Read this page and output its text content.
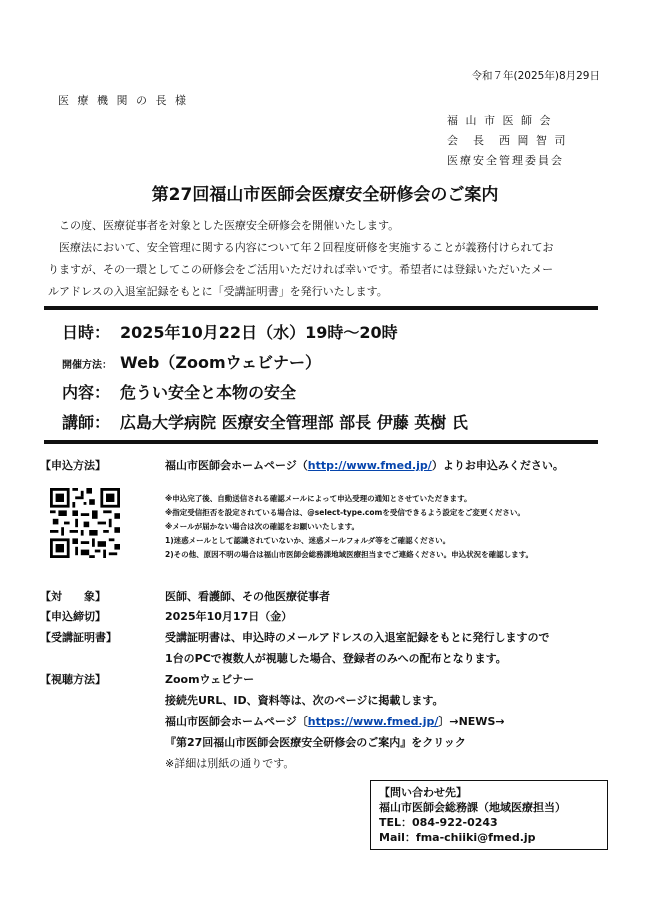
令和７年(2025年)8月29日
医 療 機 関 の 長 様
福 山 市 医 師 会
会　長　西 岡 智 司
医療安全管理委員会
第27回福山市医師会医療安全研修会のご案内

この度、医療従事者を対象とした医療安全研修会を開催いたします。

医療法において、安全管理に関する内容について年２回程度研修を実施することが義務付けられてお

りますが、その一環としてこの研修会をご活用いただければ幸いです。希望者には登録いただいたメー

ルアドレスの入退室記録をもとに「受講証明書」を発行いたします。

日時： 2025年10月22日（水）19時～20時
開催方法： Web（Zoomウェビナー）
内容： 危うい安全と本物の安全
講師： 広島大学病院 医療安全管理部 部長 伊藤 英樹 氏
【申込方法】	福山市医師会ホームページ（http://www.fmed.jp/）よりお申込みください。
※申込完了後、自動送信される確認メールによって申込受理の通知とさせていただきます。
※指定受信拒否を設定されている場合は、@select-type.comを受信できるよう設定をご変更ください。
※メールが届かない場合は次の確認をお願いいたします。
1)迷惑メールとして認識されていないか、迷惑メールフォルダ等をご確認ください。
2)その他、原因不明の場合は福山市医師会総務課地域医療担当までご連絡ください。申込状況を確認します。
【対　　象】	医師、看護師、その他医療従事者
【申込締切】	2025年10月17日（金）
【受講証明書】	受講証明書は、申込時のメールアドレスの入退室記録をもとに発行しますので
1台のPCで複数人が視聴した場合、登録者のみへの配布となります。
【視聴方法】	Zoomウェビナー
接続先URL、ID、資料等は、次のページに掲載します。
福山市医師会ホームページ〔https://www.fmed.jp/〕→NEWS→
『第27回福山市医師会医療安全研修会のご案内』をクリック
※詳細は別紙の通りです。
【問い合わせ先】
福山市医師会総務課（地域医療担当）
TEL：084-922-0243
Mail：fma-chiiki@fmed.jp
